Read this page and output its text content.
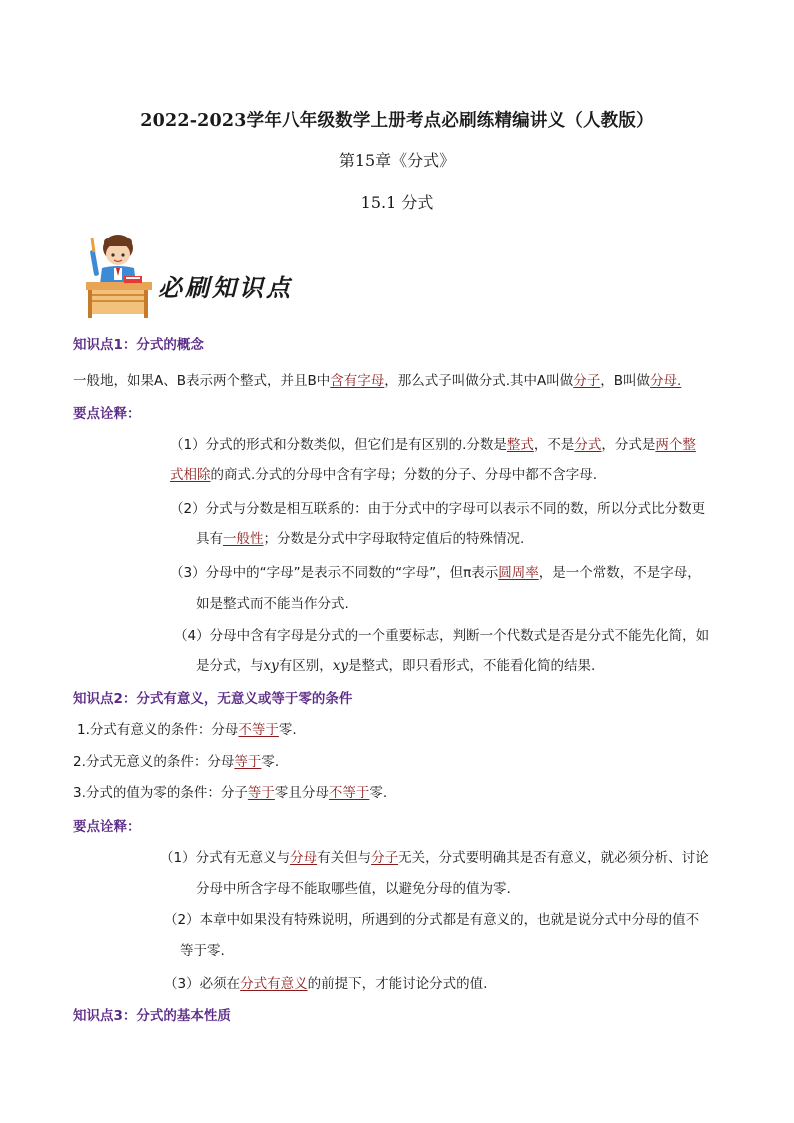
2022-2023学年八年级数学上册考点必刷练精编讲义（人教版）
第15章《分式》
15.1 分式
必刷知识点
知识点1：分式的概念
一般地，如果A、B表示两个整式，并且B中含有字母，那么式子叫做分式.其中A叫做分子，B叫做分母.
要点诠释：
（1）分式的形式和分数类似，但它们是有区别的.分数是整式，不是分式，分式是两个整
式相除的商式.分式的分母中含有字母；分数的分子、分母中都不含字母.
（2）分式与分数是相互联系的：由于分式中的字母可以表示不同的数，所以分式比分数更
具有一般性；分数是分式中字母取特定值后的特殊情况.
（3）分母中的“字母”是表示不同数的“字母”，但π表示圆周率，是一个常数，不是字母，
如是整式而不能当作分式.
（4）分母中含有字母是分式的一个重要标志，判断一个代数式是否是分式不能先化简，如
是分式，与xy有区别，xy是整式，即只看形式，不能看化简的结果.
知识点2：分式有意义，无意义或等于零的条件
1.分式有意义的条件：分母不等于零.
2.分式无意义的条件：分母等于零.
3.分式的值为零的条件：分子等于零且分母不等于零.
要点诠释：
（1）分式有无意义与分母有关但与分子无关，分式要明确其是否有意义，就必须分析、讨论
分母中所含字母不能取哪些值，以避免分母的值为零.
（2）本章中如果没有特殊说明，所遇到的分式都是有意义的，也就是说分式中分母的值不
等于零.
（3）必须在分式有意义的前提下，才能讨论分式的值.
知识点3：分式的基本性质
